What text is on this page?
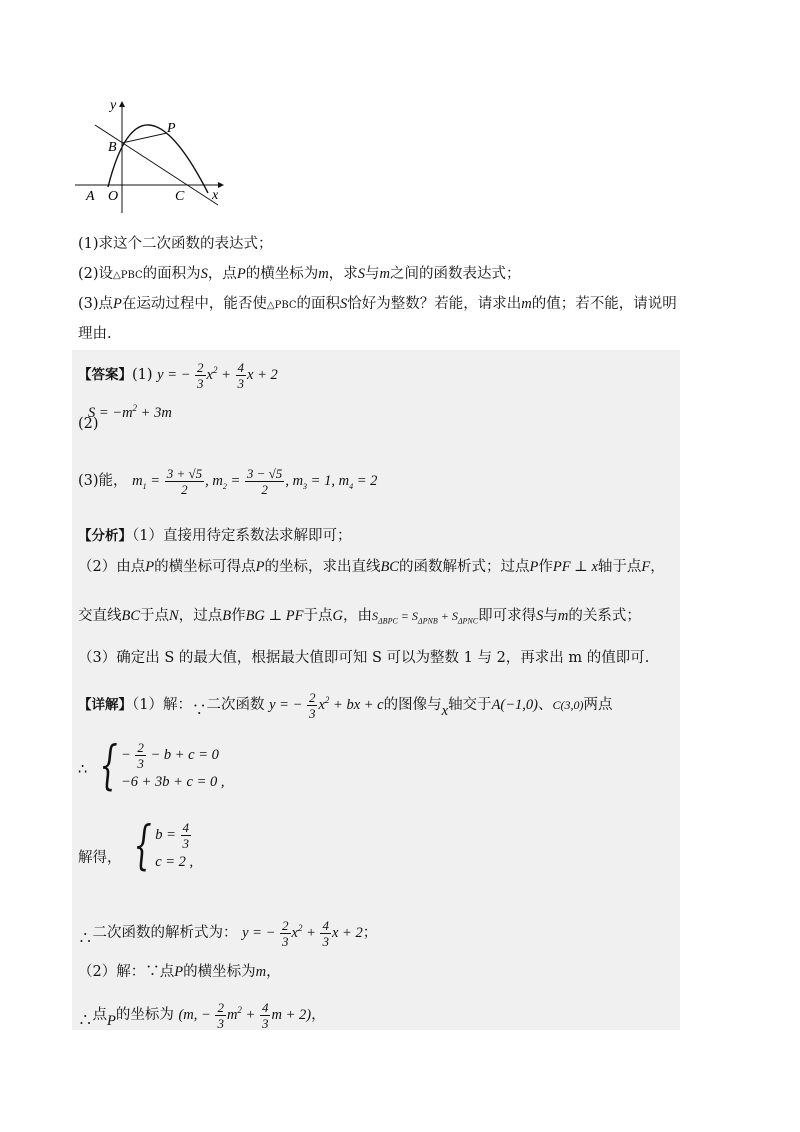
y
x
A O
B
C
P
(1)求这个二次函数的表达式；
(2)设△PBC的面积为S，点P的横坐标为m，求S与m之间的函数表达式；
(3)点P在运动过程中，能否使△PBC的面积S恰好为整数？若能，请求出m的值；若不能，请说明
理由.
【答案】(1) y = − $\frac{2}{3} x^2 + \frac{4}{3}$ x + 2
$S = -m^2 + 3m$
(2)
(3)能， $m_1 = \frac{3 + √5}{2}$ , $m_2 = \frac{3 - √5}{2}$ , $m_3 = 1$, $m_4 = 2$
【分析】（1）直接用待定系数法求解即可；
（2）由点P的横坐标可得点P的坐标，求出直线BC的函数解析式；过点P作PF ⊥ x轴于点F，
交直线BC于点N，过点B作BG ⊥ PF于点G，由$S_{\Delta BPC} = S_{\Delta PNB} + S_{\Delta PNC}$即可求得S与m的关系式；
（3）确定出 S 的最大值，根据最大值即可知 S 可以为整数 1 与 2，再求出 m 的值即可.
【详解】（1）解：∵二次函数 y = − $\frac{2}{3} x^2$ + bx + c的图像与x轴交于A(−1,0)、C(3,0)两点
∴ { − $\frac{2}{3} - b + c = 0$
−6 + 3b + c = 0 ,
解得， { $b = \frac{4}{3}$
c = 2 ,
∴二次函数的解析式为： y = − $\frac{2}{3} x^2 + \frac{4}{3}$ x + 2；
（2）解：∵点P的横坐标为m，
∴点P的坐标为 (m, − $\frac{2}{3} m^2 + \frac{4}{3}$ m + 2)，
